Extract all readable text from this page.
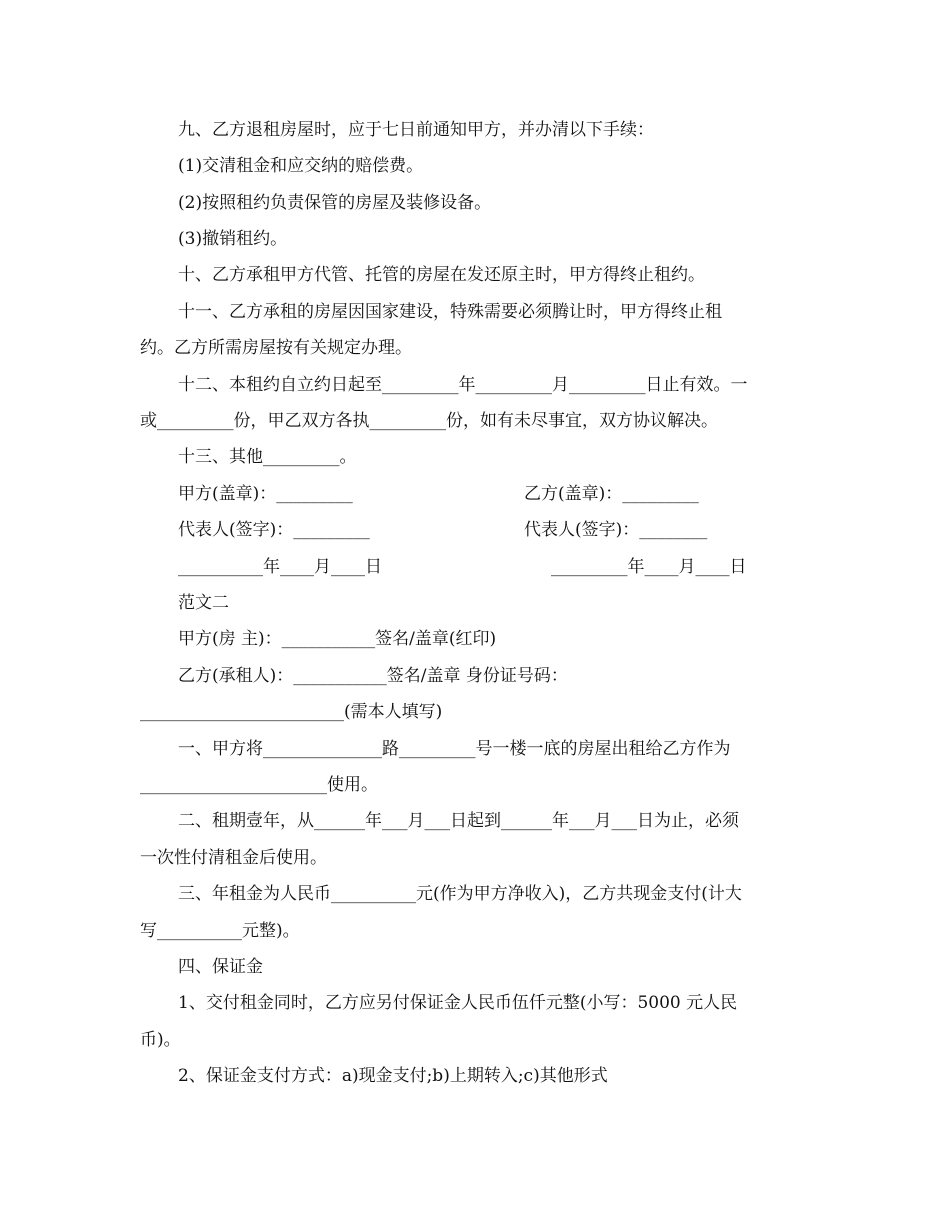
九、乙方退租房屋时，应于七日前通知甲方，并办清以下手续：
(1)交清租金和应交纳的赔偿费。
(2)按照租约负责保管的房屋及装修设备。
(3)撤销租约。
十、乙方承租甲方代管、托管的房屋在发还原主时，甲方得终止租约。
十一、乙方承租的房屋因国家建设，特殊需要必须腾让时，甲方得终止租
约。乙方所需房屋按有关规定办理。
十二、本租约自立约日起至_________年_________月_________日止有效。一
或_________份，甲乙双方各执_________份，如有未尽事宜，双方协议解决。
十三、其他_________。
甲方(盖章)：_________	乙方(盖章)：_________
代表人(签字)：_________	代表人(签字)：________
__________年____月____日	_________年____月____日
范文二
甲方(房 主)：___________签名/盖章(红印)
乙方(承租人)：___________签名/盖章 身份证号码：
________________________(需本人填写)
一、甲方将______________路_________号一楼一底的房屋出租给乙方作为
______________________使用。
二、租期壹年，从______年___月___日起到______年___月___日为止，必须
一次性付清租金后使用。
三、年租金为人民币__________元(作为甲方净收入)，乙方共现金支付(计大
写__________元整)。
四、保证金
1、交付租金同时，乙方应另付保证金人民币伍仟元整(小写：5000 元人民
币)。
2、保证金支付方式：a)现金支付;b)上期转入;c)其他形式
